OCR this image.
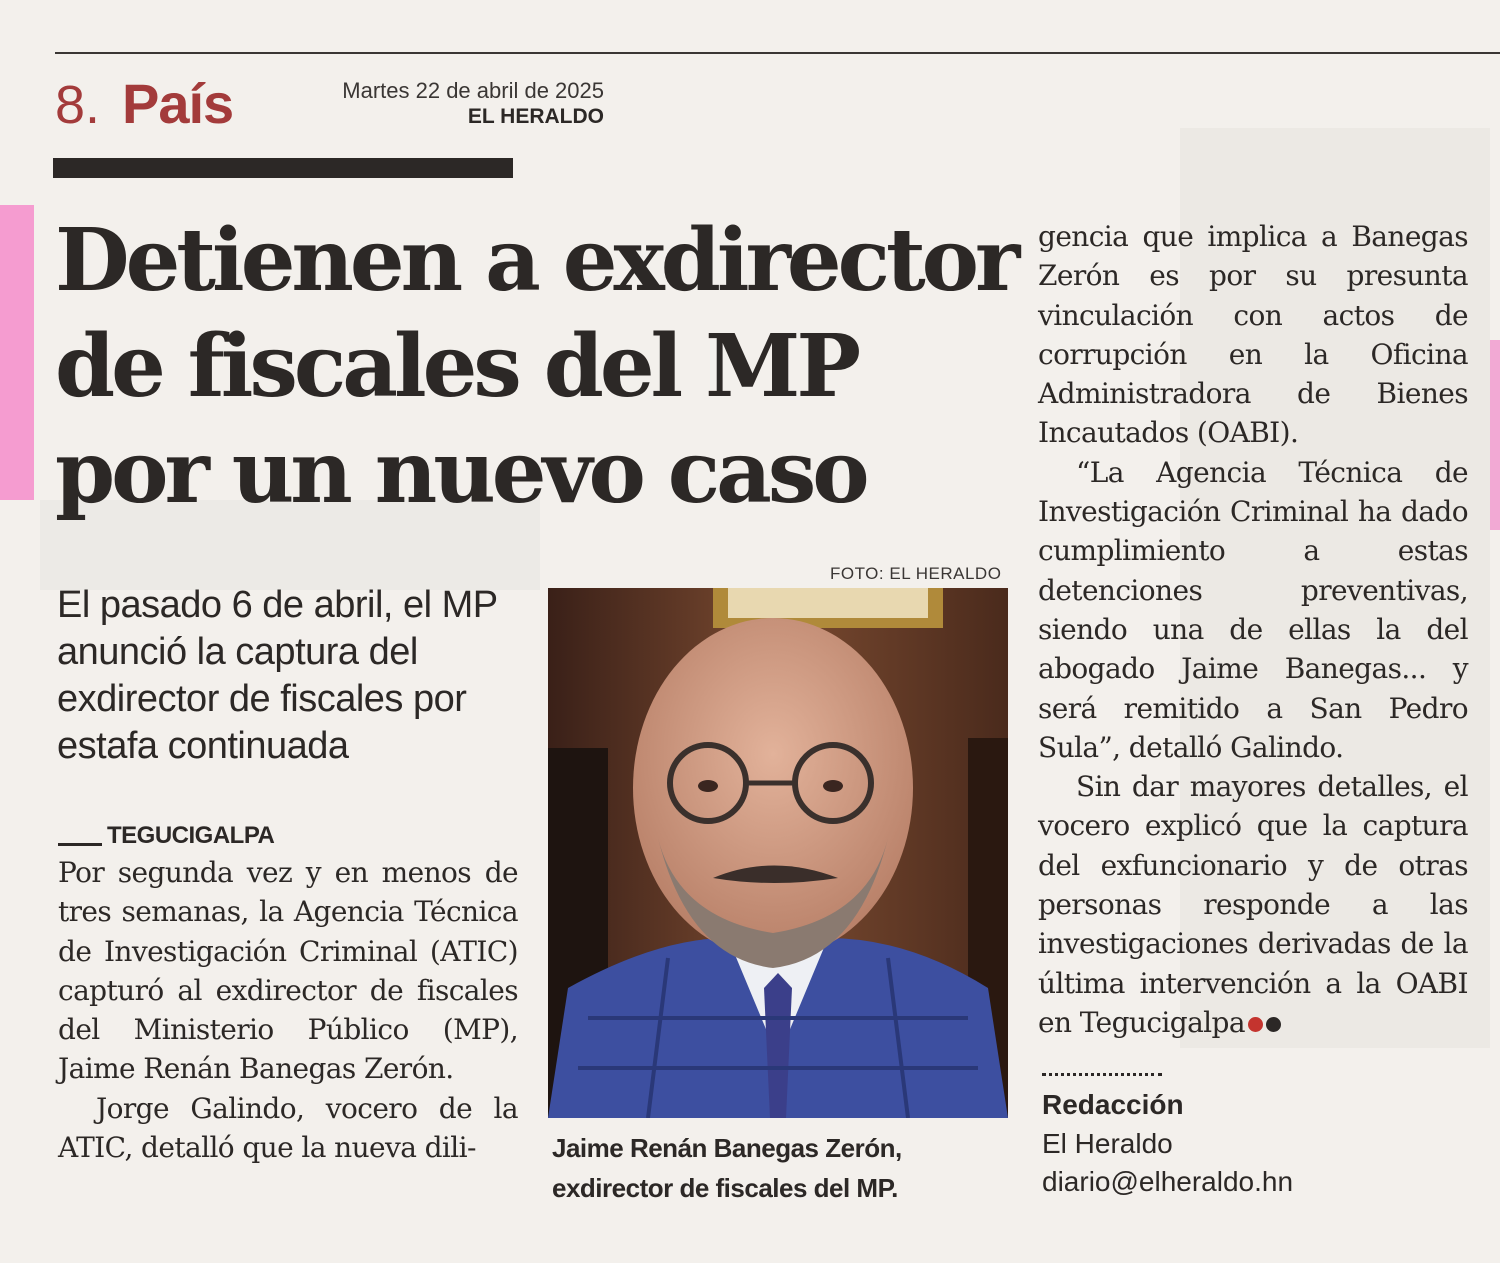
8. País	Martes 22 de abril de 2025
EL HERALDO
Detienen a exdirector
de fiscales del MP
por un nuevo caso
El pasado 6 de abril, el MP anunció la captura del exdirector de fiscales por estafa continuada
FOTO: EL HERALDO
Jaime Renán Banegas Zerón, exdirector de fiscales del MP.
TEGUCIGALPA

Por segunda vez y en menos de tres semanas, la Agencia Técnica de Investigación Criminal (ATIC) capturó al exdirector de fiscales del Ministerio Público (MP), Jaime Renán Banegas Zerón.

Jorge Galindo, vocero de la ATIC, detalló que la nueva dili-

gencia que implica a Banegas Zerón es por su presunta vinculación con actos de corrupción en la Oficina Administradora de Bienes Incautados (OABI).

“La Agencia Técnica de Investigación Criminal ha dado cumplimiento a estas detenciones preventivas, siendo una de ellas la del abogado Jaime Banegas... y será remitido a San Pedro Sula”, detalló Galindo.

Sin dar mayores detalles, el vocero explicó que la captura del exfuncionario y de otras personas responde a las investigaciones derivadas de la última intervención a la OABI en Tegucigalpa

Redacción
El Heraldo
diario@elheraldo.hn
